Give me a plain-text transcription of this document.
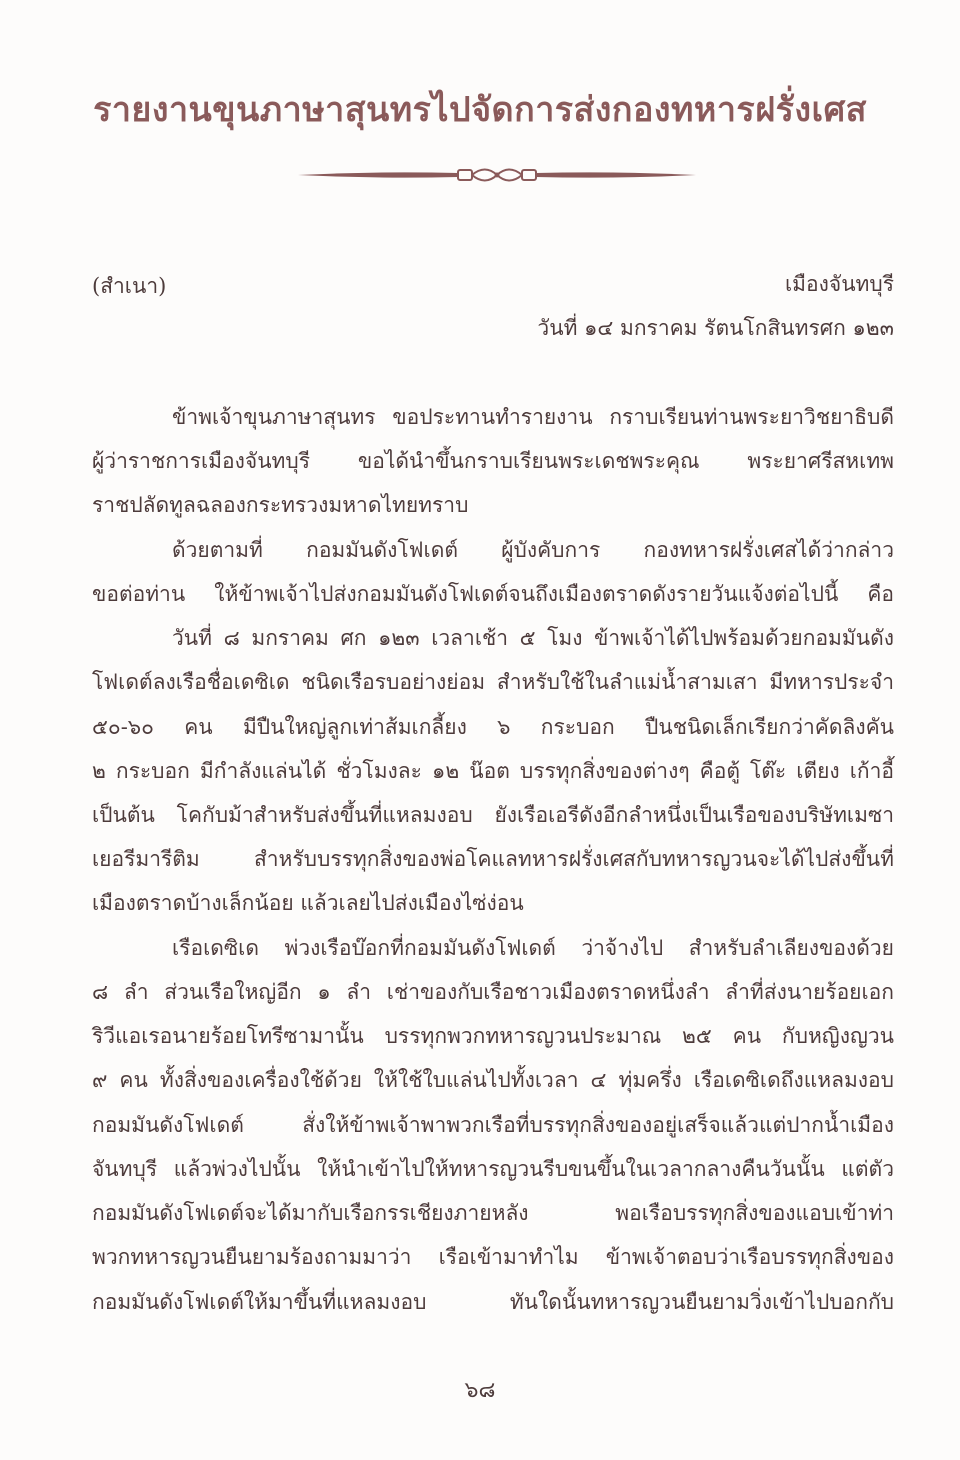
รายงานขุนภาษาสุนทรไปจัดการส่งกองทหารฝรั่งเศส
(สำเนา)	เมืองจันทบุรี
วันที่ ๑๔ มกราคม รัตนโกสินทรศก ๑๒๓
ข้าพเจ้าขุนภาษาสุนทร ขอประทานทำรายงาน กราบเรียนท่านพระยาวิชยาธิบดี
ผู้ว่าราชการเมืองจันทบุรี ขอได้นำขึ้นกราบเรียนพระเดชพระคุณ พระยาศรีสหเทพ
ราชปลัดทูลฉลองกระทรวงมหาดไทยทราบ
ด้วยตามที่ กอมมันดังโฟเดต์ ผู้บังคับการ กองทหารฝรั่งเศสได้ว่ากล่าว
ขอต่อท่าน ให้ข้าพเจ้าไปส่งกอมมันดังโฟเดต์จนถึงเมืองตราดดังรายวันแจ้งต่อไปนี้ คือ
วันที่ ๘ มกราคม ศก ๑๒๓ เวลาเช้า ๕ โมง ข้าพเจ้าได้ไปพร้อมด้วยกอมมันดัง
โฟเดต์ลงเรือชื่อเดซิเด ชนิดเรือรบอย่างย่อม สำหรับใช้ในลำแม่น้ำสามเสา มีทหารประจำ
๕๐-๖๐ คน มีปืนใหญ่ลูกเท่าส้มเกลี้ยง ๖ กระบอก ปืนชนิดเล็กเรียกว่าคัดลิงคัน
๒ กระบอก มีกำลังแล่นได้ ชั่วโมงละ ๑๒ น๊อต บรรทุกสิ่งของต่างๆ คือตู้ โต๊ะ เตียง เก้าอี้
เป็นต้น โคกับม้าสำหรับส่งขึ้นที่แหลมงอบ ยังเรือเอรีดังอีกลำหนึ่งเป็นเรือของบริษัทเมซา
เยอรีมารีติม สำหรับบรรทุกสิ่งของพ่อโคแลทหารฝรั่งเศสกับทหารญวนจะได้ไปส่งขึ้นที่
เมืองตราดบ้างเล็กน้อย แล้วเลยไปส่งเมืองไซ่ง่อน
เรือเดซิเด พ่วงเรือบ๊อกที่กอมมันดังโฟเดต์ ว่าจ้างไป สำหรับลำเลียงของด้วย
๘ ลำ ส่วนเรือใหญ่อีก ๑ ลำ เช่าของกับเรือชาวเมืองตราดหนึ่งลำ ลำที่ส่งนายร้อยเอก
ริวีแอเรอนายร้อยโทรีซามานั้น บรรทุกพวกทหารญวนประมาณ ๒๕ คน กับหญิงญวน
๙ คน ทั้งสิ่งของเครื่องใช้ด้วย ให้ใช้ใบแล่นไปทั้งเวลา ๔ ทุ่มครึ่ง เรือเดซิเดถึงแหลมงอบ
กอมมันดังโฟเดต์ สั่งให้ข้าพเจ้าพาพวกเรือที่บรรทุกสิ่งของอยู่เสร็จแล้วแต่ปากน้ำเมือง
จันทบุรี แล้วพ่วงไปนั้น ให้นำเข้าไปให้ทหารญวนรีบขนขึ้นในเวลากลางคืนวันนั้น แต่ตัว
กอมมันดังโฟเดต์จะได้มากับเรือกรรเชียงภายหลัง พอเรือบรรทุกสิ่งของแอบเข้าท่า
พวกทหารญวนยืนยามร้องถามมาว่า เรือเข้ามาทำไม ข้าพเจ้าตอบว่าเรือบรรทุกสิ่งของ
กอมมันดังโฟเดต์ให้มาขึ้นที่แหลมงอบ ทันใดนั้นทหารญวนยืนยามวิ่งเข้าไปบอกกับ
๖๘
